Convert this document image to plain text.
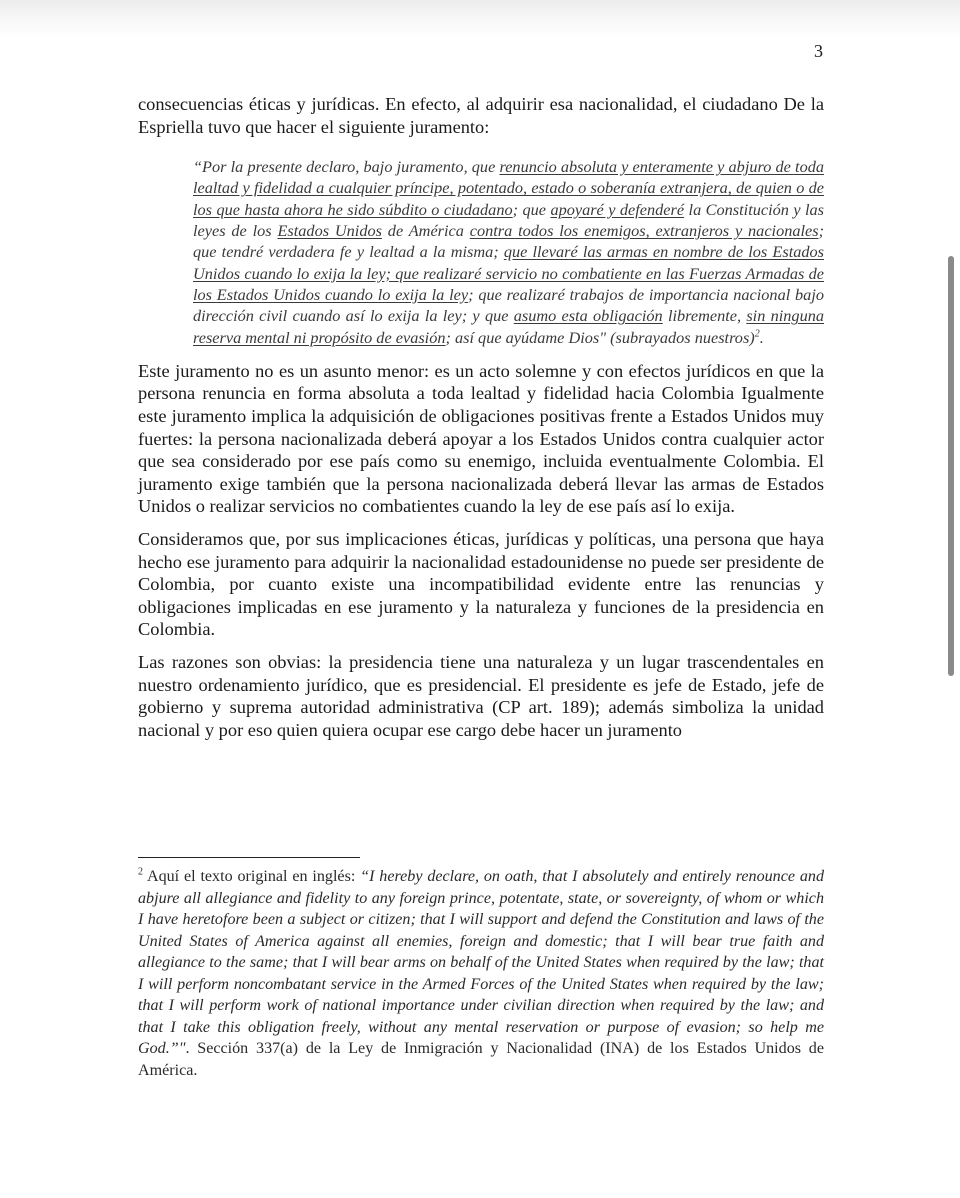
3

consecuencias éticas y jurídicas. En efecto, al adquirir esa nacionalidad, el ciudadano De la Espriella tuvo que hacer el siguiente juramento:

“Por la presente declaro, bajo juramento, que renuncio absoluta y enteramente y abjuro de toda lealtad y fidelidad a cualquier príncipe, potentado, estado o soberanía extranjera, de quien o de los que hasta ahora he sido súbdito o ciudadano; que apoyaré y defenderé la Constitución y las leyes de los Estados Unidos de América contra todos los enemigos, extranjeros y nacionales; que tendré verdadera fe y lealtad a la misma; que llevaré las armas en nombre de los Estados Unidos cuando lo exija la ley; que realizaré servicio no combatiente en las Fuerzas Armadas de los Estados Unidos cuando lo exija la ley; que realizaré trabajos de importancia nacional bajo dirección civil cuando así lo exija la ley; y que asumo esta obligación libremente, sin ninguna reserva mental ni propósito de evasión; así que ayúdame Dios" (subrayados nuestros)$^2$.

Este juramento no es un asunto menor: es un acto solemne y con efectos jurídicos en que la persona renuncia en forma absoluta a toda lealtad y fidelidad hacia Colombia Igualmente este juramento implica la adquisición de obligaciones positivas frente a Estados Unidos muy fuertes: la persona nacionalizada deberá apoyar a los Estados Unidos contra cualquier actor que sea considerado por ese país como su enemigo, incluida eventualmente Colombia. El juramento exige también que la persona nacionalizada deberá llevar las armas de Estados Unidos o realizar servicios no combatientes cuando la ley de ese país así lo exija.

Consideramos que, por sus implicaciones éticas, jurídicas y políticas, una persona que haya hecho ese juramento para adquirir la nacionalidad estadounidense no puede ser presidente de Colombia, por cuanto existe una incompatibilidad evidente entre las renuncias y obligaciones implicadas en ese juramento y la naturaleza y funciones de la presidencia en Colombia.

Las razones son obvias: la presidencia tiene una naturaleza y un lugar trascendentales en nuestro ordenamiento jurídico, que es presidencial. El presidente es jefe de Estado, jefe de gobierno y suprema autoridad administrativa (CP art. 189); además simboliza la unidad nacional y por eso quien quiera ocupar ese cargo debe hacer un juramento

$^2$ Aquí el texto original en inglés: “I hereby declare, on oath, that I absolutely and entirely renounce and abjure all allegiance and fidelity to any foreign prince, potentate, state, or sovereignty, of whom or which I have heretofore been a subject or citizen; that I will support and defend the Constitution and laws of the United States of America against all enemies, foreign and domestic; that I will bear true faith and allegiance to the same; that I will bear arms on behalf of the United States when required by the law; that I will perform noncombatant service in the Armed Forces of the United States when required by the law; that I will perform work of national importance under civilian direction when required by the law; and that I take this obligation freely, without any mental reservation or purpose of evasion; so help me God.”". Sección 337(a) de la Ley de Inmigración y Nacionalidad (INA) de los Estados Unidos de América.
